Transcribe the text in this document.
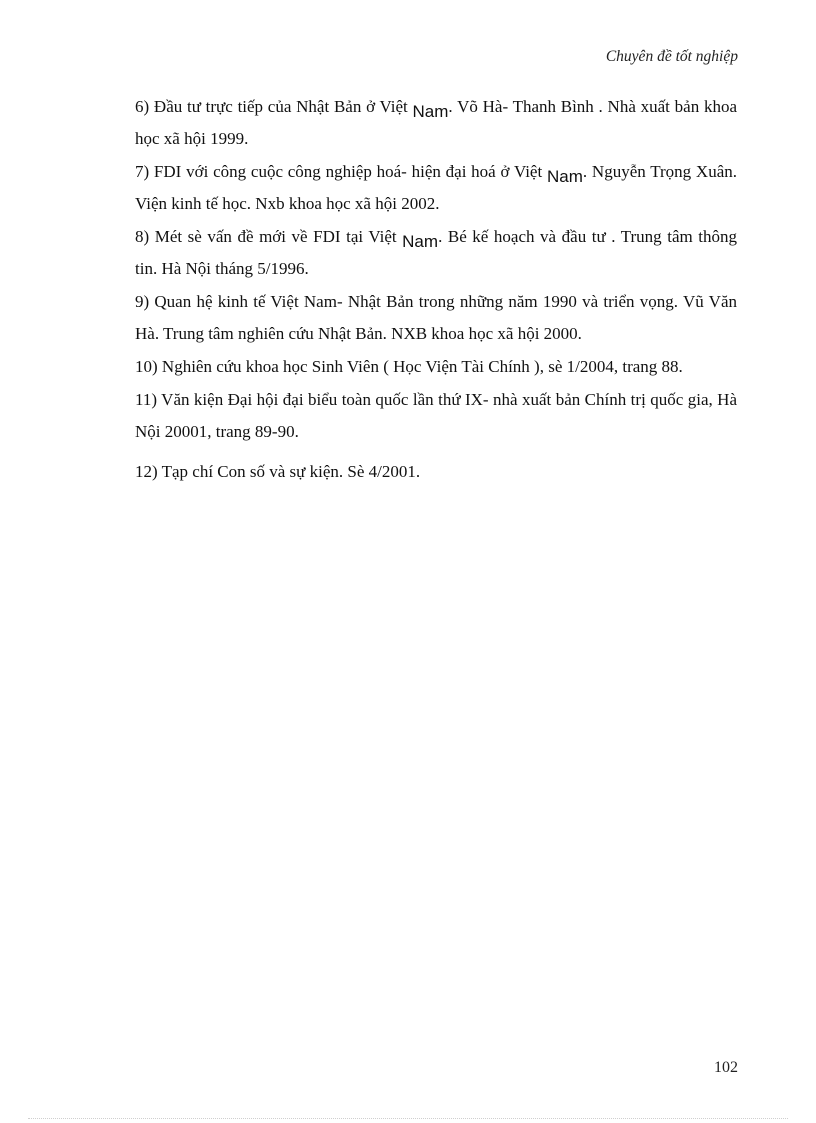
Chuyên đề tốt nghiệp
6) Đầu tư trực tiếp của Nhật Bản ở Việt Nam. Võ Hà- Thanh Bình . Nhà xuất bản khoa học xã hội 1999.
7) FDI với công cuộc công nghiệp hoá- hiện đại hoá ở Việt Nam. Nguyễn Trọng Xuân. Viện kinh tế học. Nxb khoa học xã hội 2002.
8) Mét sè vấn đề mới về FDI tại Việt Nam. Bé kế hoạch và đầu tư . Trung tâm thông tin. Hà Nội tháng 5/1996.
9) Quan hệ kinh tế Việt Nam- Nhật Bản trong những năm 1990 và triển vọng. Vũ Văn Hà. Trung tâm nghiên cứu Nhật Bản. NXB khoa học xã hội 2000.
10) Nghiên cứu khoa học Sinh Viên ( Học Viện Tài Chính ), sè 1/2004, trang 88.
11) Văn kiện Đại hội đại biểu toàn quốc lần thứ IX- nhà xuất bản Chính trị quốc gia, Hà Nội 20001, trang 89-90.
12) Tạp chí Con số và sự kiện. Sè 4/2001.
102
